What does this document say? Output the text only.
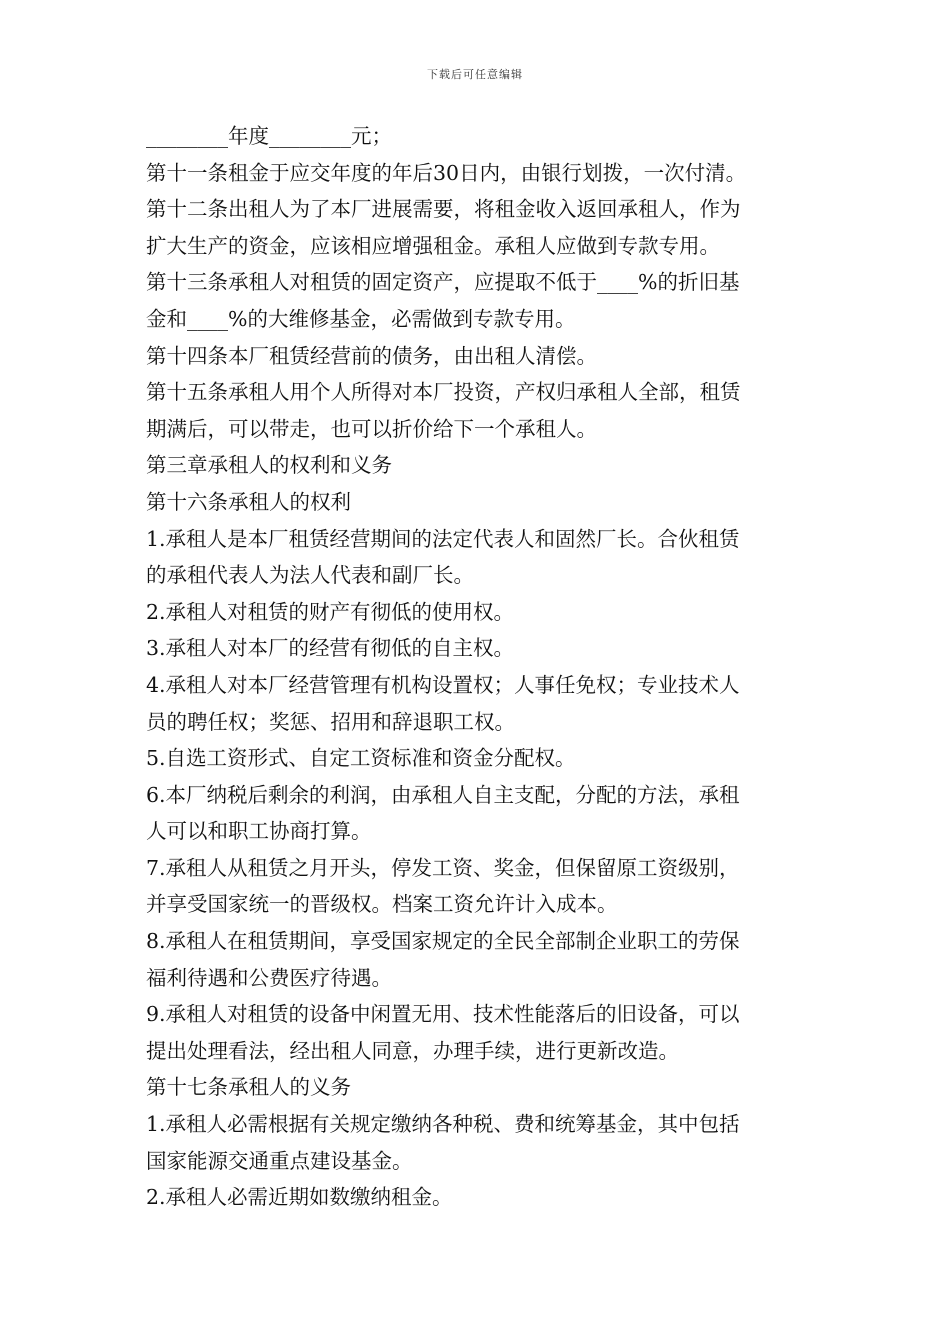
下载后可任意编辑
________年度________元；
第十一条租金于应交年度的年后30日内，由银行划拨，一次付清。
第十二条出租人为了本厂进展需要，将租金收入返回承租人，作为
扩大生产的资金，应该相应增强租金。承租人应做到专款专用。
第十三条承租人对租赁的固定资产，应提取不低于____%的折旧基
金和____%的大维修基金，必需做到专款专用。
第十四条本厂租赁经营前的债务，由出租人清偿。
第十五条承租人用个人所得对本厂投资，产权归承租人全部，租赁
期满后，可以带走，也可以折价给下一个承租人。
第三章承租人的权利和义务
第十六条承租人的权利
1.承租人是本厂租赁经营期间的法定代表人和固然厂长。合伙租赁
的承租代表人为法人代表和副厂长。
2.承租人对租赁的财产有彻低的使用权。
3.承租人对本厂的经营有彻低的自主权。
4.承租人对本厂经营管理有机构设置权；人事任免权；专业技术人
员的聘任权；奖惩、招用和辞退职工权。
5.自选工资形式、自定工资标准和资金分配权。
6.本厂纳税后剩余的利润，由承租人自主支配，分配的方法，承租
人可以和职工协商打算。
7.承租人从租赁之月开头，停发工资、奖金，但保留原工资级别，
并享受国家统一的晋级权。档案工资允许计入成本。
8.承租人在租赁期间，享受国家规定的全民全部制企业职工的劳保
福利待遇和公费医疗待遇。
9.承租人对租赁的设备中闲置无用、技术性能落后的旧设备，可以
提出处理看法，经出租人同意，办理手续，进行更新改造。
第十七条承租人的义务
1.承租人必需根据有关规定缴纳各种税、费和统筹基金，其中包括
国家能源交通重点建设基金。
2.承租人必需近期如数缴纳租金。
